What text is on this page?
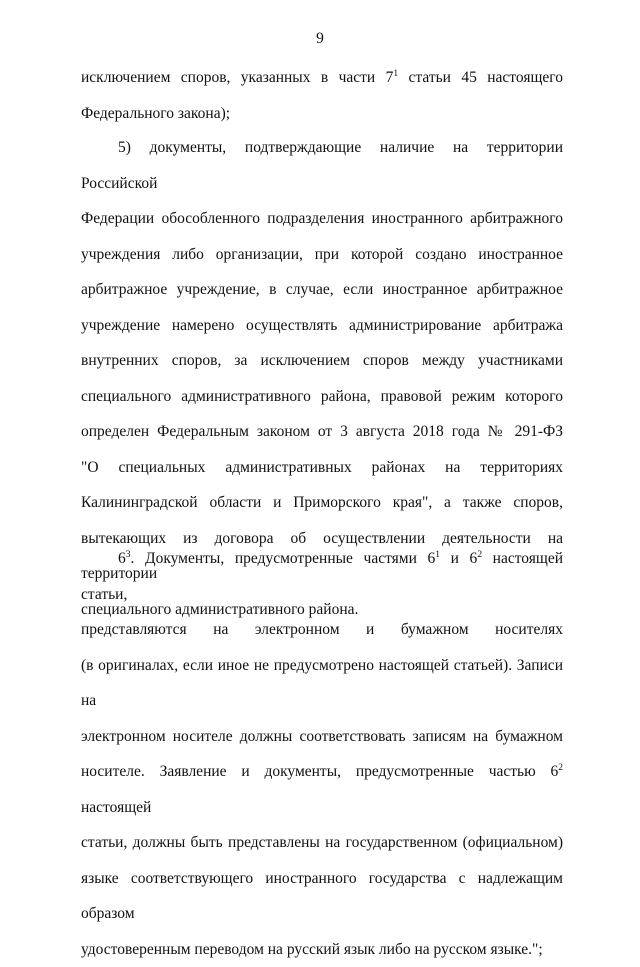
9
исключением споров, указанных в части $7^1$ статьи 45 настоящего
Федерального закона);
5) документы, подтверждающие наличие на территории Российской
Федерации обособленного подразделения иностранного арбитражного
учреждения либо организации, при которой создано иностранное
арбитражное учреждение, в случае, если иностранное арбитражное
учреждение намерено осуществлять администрирование арбитража
внутренних споров, за исключением споров между участниками
специального административного района, правовой режим которого
определен Федеральным законом от 3 августа 2018 года № 291-ФЗ
"О специальных административных районах на территориях
Калининградской области и Приморского края", а также споров,
вытекающих из договора об осуществлении деятельности на территории
специального административного района.
$6^3$. Документы, предусмотренные частями $6^1$ и $6^2$ настоящей статьи,
представляются на электронном и бумажном носителях
(в оригиналах, если иное не предусмотрено настоящей статьей). Записи на
электронном носителе должны соответствовать записям на бумажном
носителе. Заявление и документы, предусмотренные частью $6^2$ настоящей
статьи, должны быть представлены на государственном (официальном)
языке соответствующего иностранного государства с надлежащим образом
удостоверенным переводом на русский язык либо на русском языке.";
